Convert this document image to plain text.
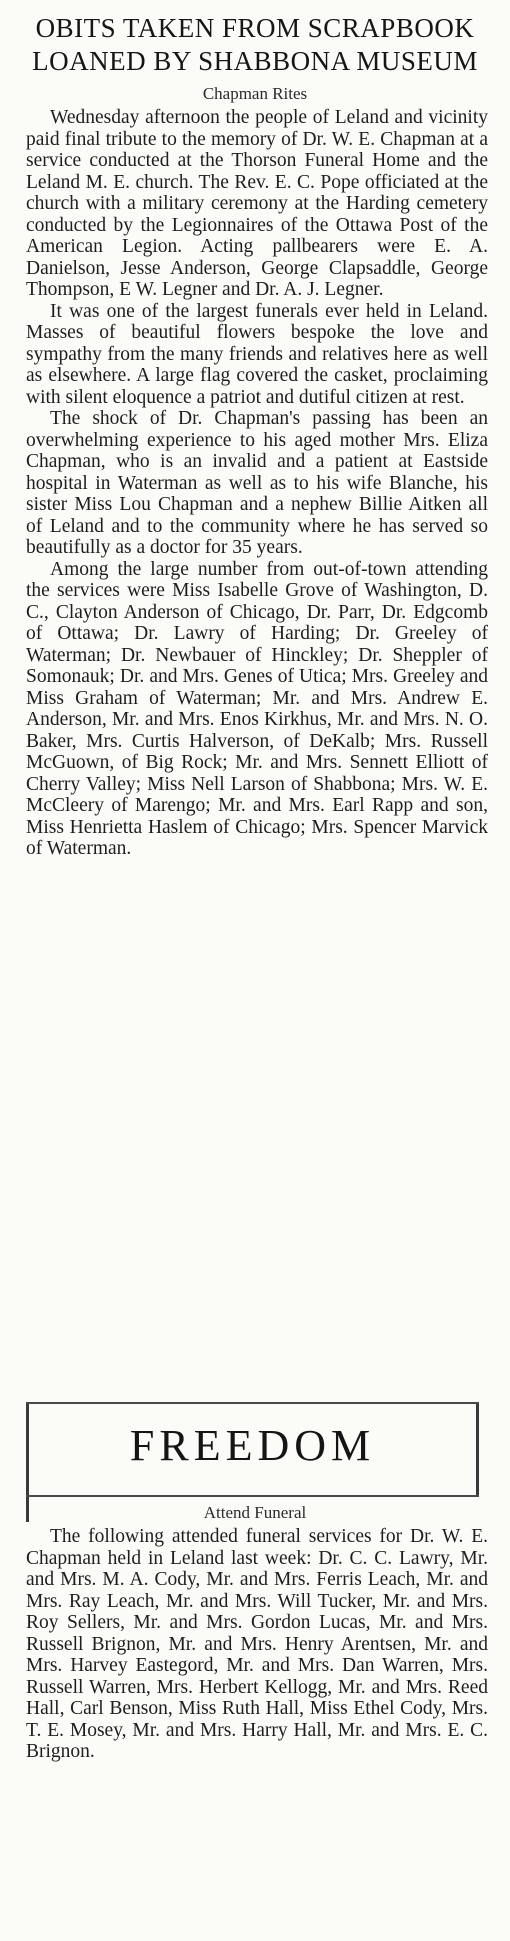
OBITS TAKEN FROM SCRAPBOOK
LOANED BY SHABBONA MUSEUM
Chapman Rites

Wednesday afternoon the people of Leland and vicinity paid final tribute to the memory of Dr. W. E. Chapman at a service conducted at the Thorson Funeral Home and the Leland M. E. church. The Rev. E. C. Pope officiated at the church with a military ceremony at the Harding cemetery conducted by the Legionnaires of the Ottawa Post of the American Legion. Acting pallbearers were E. A. Danielson, Jesse Anderson, George Clapsaddle, George Thompson, E W. Legner and Dr. A. J. Legner.

It was one of the largest funerals ever held in Leland. Masses of beautiful flowers bespoke the love and sympathy from the many friends and relatives here as well as elsewhere. A large flag covered the casket, proclaiming with silent eloquence a patriot and dutiful citizen at rest.

The shock of Dr. Chapman's passing has been an overwhelming experience to his aged mother Mrs. Eliza Chapman, who is an invalid and a patient at Eastside hospital in Waterman as well as to his wife Blanche, his sister Miss Lou Chapman and a nephew Billie Aitken all of Leland and to the community where he has served so beautifully as a doctor for 35 years.

Among the large number from out-of-town attending the services were Miss Isabelle Grove of Washington, D. C., Clayton Anderson of Chicago, Dr. Parr, Dr. Edgcomb of Ottawa; Dr. Lawry of Harding; Dr. Greeley of Waterman; Dr. Newbauer of Hinckley; Dr. Sheppler of Somonauk; Dr. and Mrs. Genes of Utica; Mrs. Greeley and Miss Graham of Waterman; Mr. and Mrs. Andrew E. Anderson, Mr. and Mrs. Enos Kirkhus, Mr. and Mrs. N. O. Baker, Mrs. Curtis Halverson, of DeKalb; Mrs. Russell McGuown, of Big Rock; Mr. and Mrs. Sennett Elliott of Cherry Valley; Miss Nell Larson of Shabbona; Mrs. W. E. McCleery of Marengo; Mr. and Mrs. Earl Rapp and son, Miss Henrietta Haslem of Chicago; Mrs. Spencer Marvick of Waterman.

FREEDOM
Attend Funeral

The following attended funeral services for Dr. W. E. Chapman held in Leland last week: Dr. C. C. Lawry, Mr. and Mrs. M. A. Cody, Mr. and Mrs. Ferris Leach, Mr. and Mrs. Ray Leach, Mr. and Mrs. Will Tucker, Mr. and Mrs. Roy Sellers, Mr. and Mrs. Gordon Lucas, Mr. and Mrs. Russell Brignon, Mr. and Mrs. Henry Arentsen, Mr. and Mrs. Harvey Eastegord, Mr. and Mrs. Dan Warren, Mrs. Russell Warren, Mrs. Herbert Kellogg, Mr. and Mrs. Reed Hall, Carl Benson, Miss Ruth Hall, Miss Ethel Cody, Mrs. T. E. Mosey, Mr. and Mrs. Harry Hall, Mr. and Mrs. E. C. Brignon.
